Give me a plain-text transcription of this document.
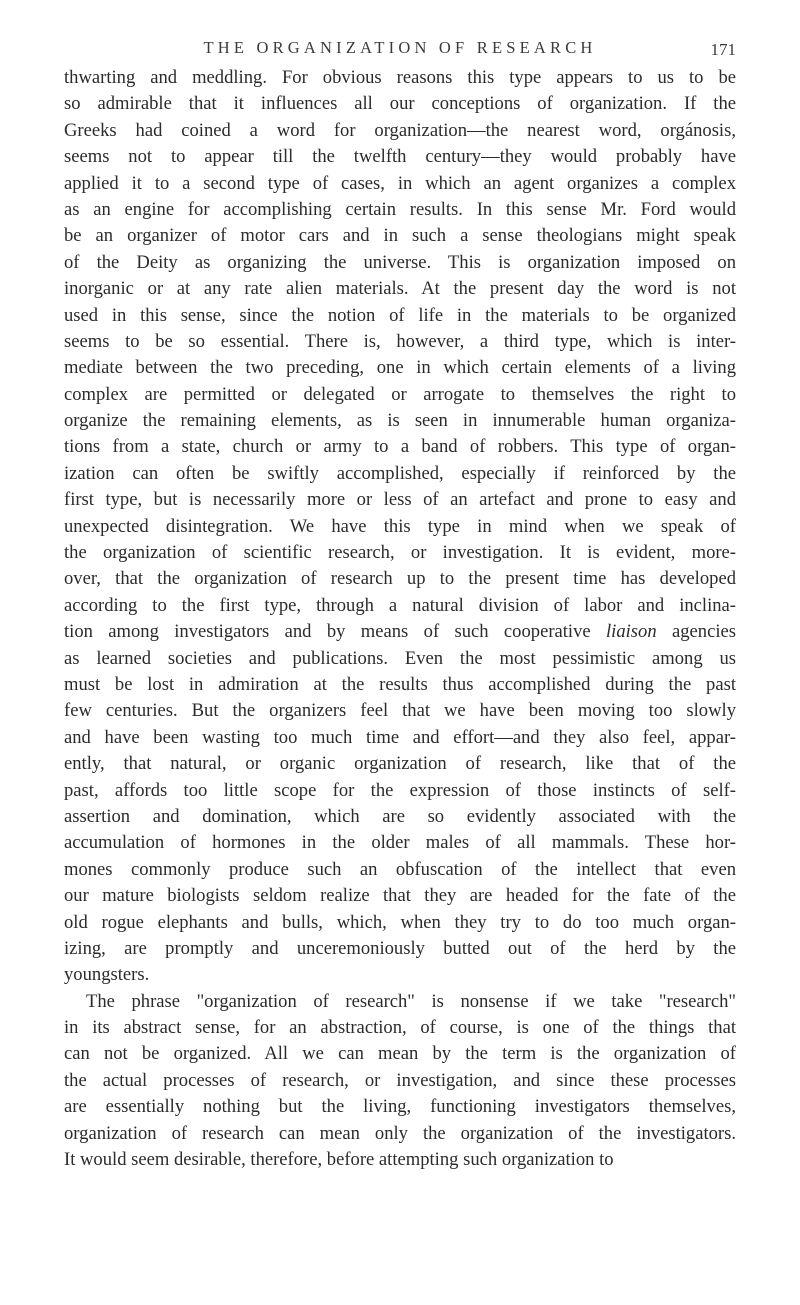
THE ORGANIZATION OF RESEARCH	171
thwarting and meddling. For obvious reasons this type appears to us to be
so admirable that it influences all our conceptions of organization. If the
Greeks had coined a word for organization—the nearest word, orgánosis,
seems not to appear till the twelfth century—they would probably have
applied it to a second type of cases, in which an agent organizes a complex
as an engine for accomplishing certain results. In this sense Mr. Ford would
be an organizer of motor cars and in such a sense theologians might speak
of the Deity as organizing the universe. This is organization imposed on
inorganic or at any rate alien materials. At the present day the word is not
used in this sense, since the notion of life in the materials to be organized
seems to be so essential. There is, however, a third type, which is inter-
mediate between the two preceding, one in which certain elements of a living
complex are permitted or delegated or arrogate to themselves the right to
organize the remaining elements, as is seen in innumerable human organiza-
tions from a state, church or army to a band of robbers. This type of organ-
ization can often be swiftly accomplished, especially if reinforced by the
first type, but is necessarily more or less of an artefact and prone to easy and
unexpected disintegration. We have this type in mind when we speak of
the organization of scientific research, or investigation. It is evident, more-
over, that the organization of research up to the present time has developed
according to the first type, through a natural division of labor and inclina-
tion among investigators and by means of such cooperative liaison agencies
as learned societies and publications. Even the most pessimistic among us
must be lost in admiration at the results thus accomplished during the past
few centuries. But the organizers feel that we have been moving too slowly
and have been wasting too much time and effort—and they also feel, appar-
ently, that natural, or organic organization of research, like that of the
past, affords too little scope for the expression of those instincts of self-
assertion and domination, which are so evidently associated with the
accumulation of hormones in the older males of all mammals. These hor-
mones commonly produce such an obfuscation of the intellect that even
our mature biologists seldom realize that they are headed for the fate of the
old rogue elephants and bulls, which, when they try to do too much organ-
izing, are promptly and unceremoniously butted out of the herd by the
youngsters.
The phrase "organization of research" is nonsense if we take "research"
in its abstract sense, for an abstraction, of course, is one of the things that
can not be organized. All we can mean by the term is the organization of
the actual processes of research, or investigation, and since these processes
are essentially nothing but the living, functioning investigators themselves,
organization of research can mean only the organization of the investigators.
It would seem desirable, therefore, before attempting such organization to
